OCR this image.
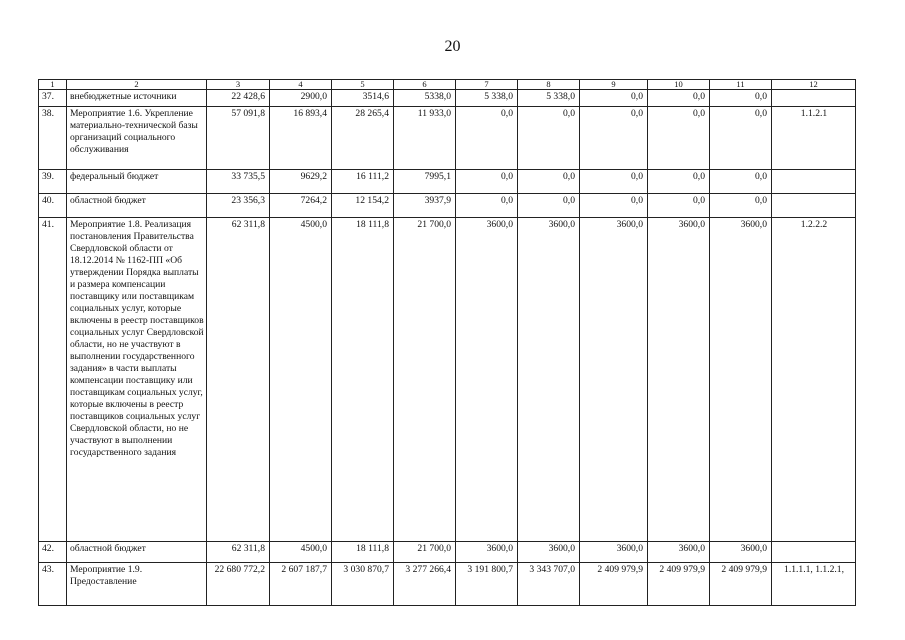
20
1	2	3	4	5	6	7	8	9	10	11	12
37.	внебюджетные источники	22 428,6	2900,0	3514,6	5338,0	5 338,0	5 338,0	0,0	0,0	0,0	
38.	Мероприятие 1.6. Укрепление материально-технической базы организаций социального обслуживания	57 091,8	16 893,4	28 265,4	11 933,0	0,0	0,0	0,0	0,0	0,0	1.1.2.1
39.	федеральный бюджет	33 735,5	9629,2	16 111,2	7995,1	0,0	0,0	0,0	0,0	0,0	
40.	областной бюджет	23 356,3	7264,2	12 154,2	3937,9	0,0	0,0	0,0	0,0	0,0	
41.	Мероприятие 1.8. Реализация постановления Правительства Свердловской области от 18.12.2014 № 1162-ПП «Об утверждении Порядка выплаты и размера компенсации поставщику или поставщикам социальных услуг, которые включены в реестр поставщиков социальных услуг Свердловской области, но не участвуют в выполнении государственного задания» в части выплаты компенсации поставщику или поставщикам социальных услуг, которые включены в реестр поставщиков социальных услуг Свердловской области, но не участвуют в выполнении государственного задания	62 311,8	4500,0	18 111,8	21 700,0	3600,0	3600,0	3600,0	3600,0	3600,0	1.2.2.2
42.	областной бюджет	62 311,8	4500,0	18 111,8	21 700,0	3600,0	3600,0	3600,0	3600,0	3600,0	
43.	Мероприятие 1.9. Предоставление	22 680 772,2	2 607 187,7	3 030 870,7	3 277 266,4	3 191 800,7	3 343 707,0	2 409 979,9	2 409 979,9	2 409 979,9	1.1.1.1, 1.1.2.1,
